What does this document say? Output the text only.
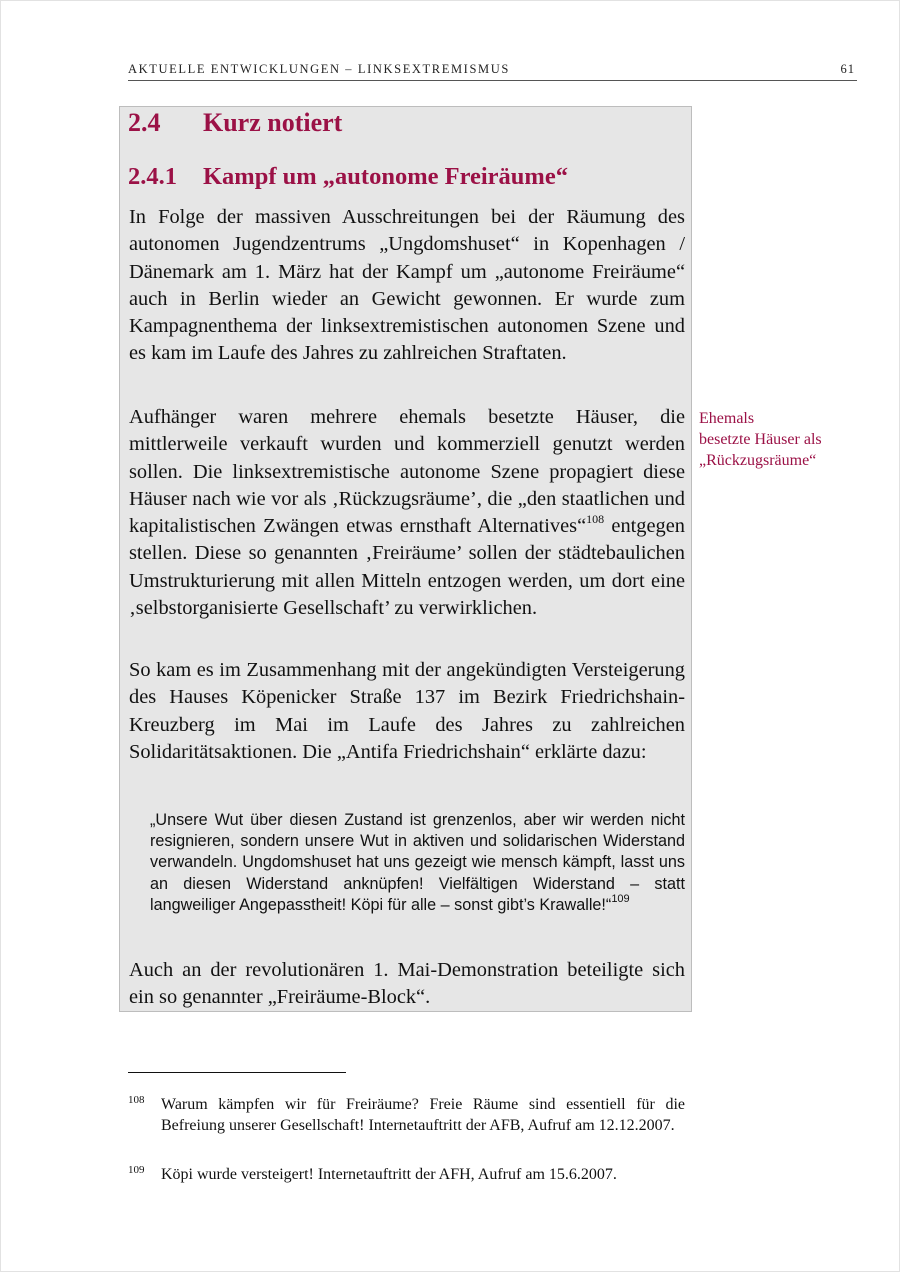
AKTUELLE ENTWICKLUNGEN – LINKSEXTREMISMUS	61
2.4 Kurz notiert
2.4.1 Kampf um „autonome Freiräume“

In Folge der massiven Ausschreitungen bei der Räumung des autonomen Jugendzentrums „Ungdomshuset“ in Kopenhagen / Dänemark am 1. März hat der Kampf um „autonome Freiräume“ auch in Berlin wieder an Gewicht gewonnen. Er wurde zum Kampagnenthema der linksextremistischen autonomen Szene und es kam im Laufe des Jahres zu zahlreichen Straftaten.

Aufhänger waren mehrere ehemals besetzte Häuser, die mittlerweile verkauft wurden und kommerziell genutzt werden sollen. Die linksextremistische autonome Szene propagiert diese Häuser nach wie vor als ‚Rückzugsräume’, die „den staatlichen und kapitalistischen Zwängen etwas ernsthaft Alternatives“$^{108}$ entgegen stellen. Diese so genannten ‚Freiräume’ sollen der städtebaulichen Umstrukturierung mit allen Mitteln entzogen werden, um dort eine ‚selbstorganisierte Gesellschaft’ zu verwirklichen.

So kam es im Zusammenhang mit der angekündigten Versteigerung des Hauses Köpenicker Straße 137 im Bezirk Friedrichshain-Kreuzberg im Mai im Laufe des Jahres zu zahlreichen Solidaritätsaktionen. Die „Antifa Friedrichshain“ erklärte dazu:

„Unsere Wut über diesen Zustand ist grenzenlos, aber wir werden nicht resignieren, sondern unsere Wut in aktiven und solidarischen Widerstand verwandeln. Ungdomshuset hat uns gezeigt wie mensch kämpft, lasst uns an diesen Widerstand anknüpfen! Vielfältigen Widerstand – statt langweiliger Angepasstheit! Köpi für alle – sonst gibt’s Krawalle!“$^{109}$

Auch an der revolutionären 1. Mai-Demonstration beteiligte sich ein so genannter „Freiräume-Block“.

Ehemals
besetzte Häuser als
„Rückzugsräume“
108 Warum kämpfen wir für Freiräume? Freie Räume sind essentiell für die Befreiung unserer Gesellschaft! Internetauftritt der AFB, Aufruf am 12.12.2007.
109 Köpi wurde versteigert! Internetauftritt der AFH, Aufruf am 15.6.2007.
